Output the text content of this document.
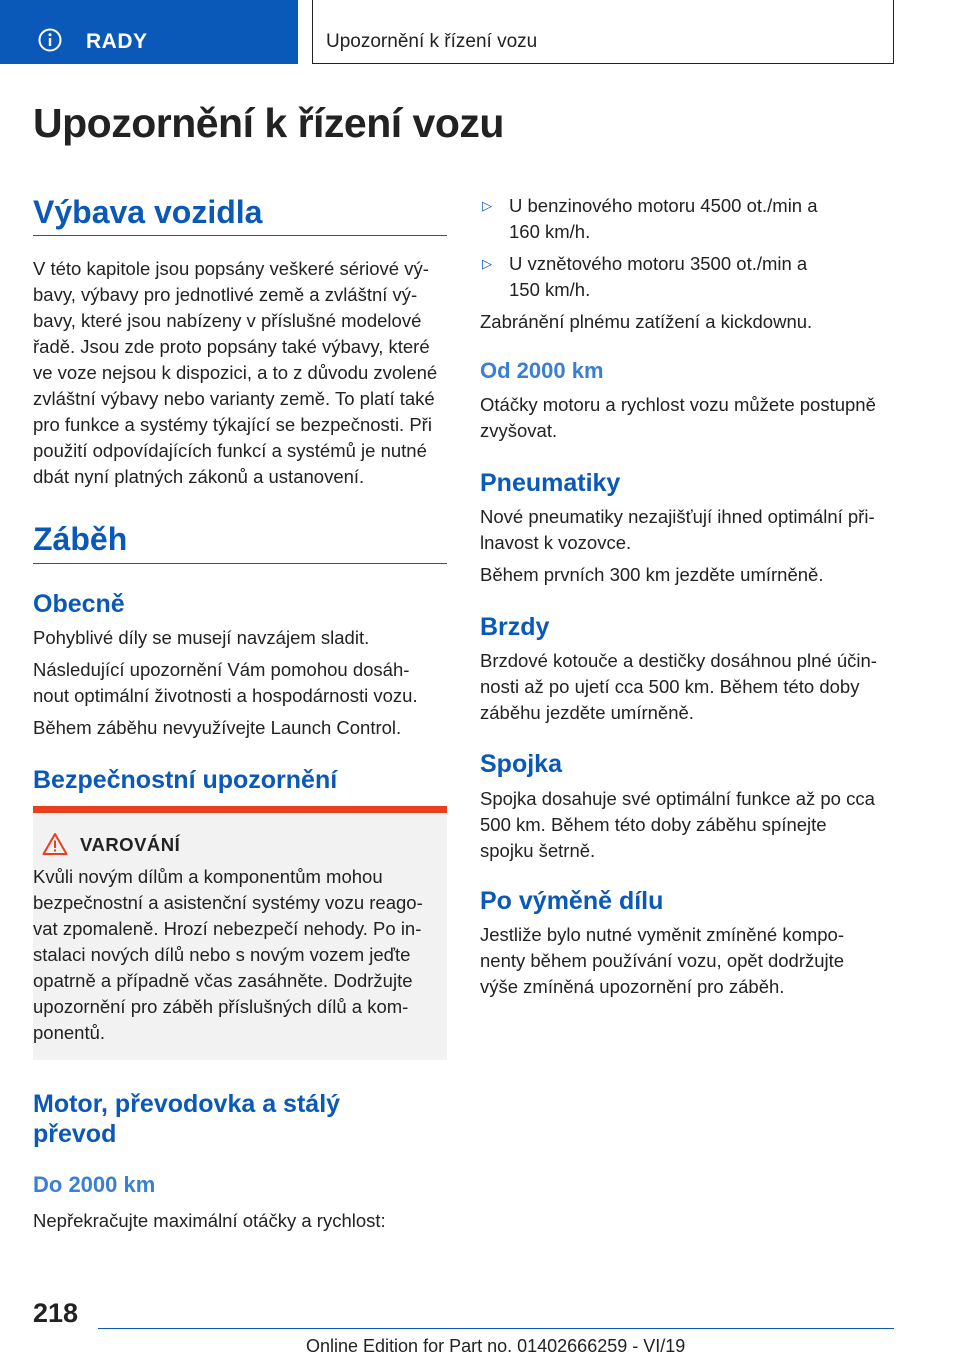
RADY	Upozornění k řízení vozu
Upozornění k řízení vozu
Výbava vozidla

V této kapitole jsou popsány veškeré sériové vý‐

bavy, výbavy pro jednotlivé země a zvláštní vý‐

bavy, které jsou nabízeny v příslušné modelové

řadě. Jsou zde proto popsány také výbavy, které

ve voze nejsou k dispozici, a to z důvodu zvolené

zvláštní výbavy nebo varianty země. To platí také

pro funkce a systémy týkající se bezpečnosti. Při

použití odpovídajících funkcí a systémů je nutné

dbát nyní platných zákonů a ustanovení.

Záběh
Obecně

Pohyblivé díly se musejí navzájem sladit.

Následující upozornění Vám pomohou dosáh‐

nout optimální životnosti a hospodárnosti vozu.

Během záběhu nevyužívejte Launch Control.

Bezpečnostní upozornění
VAROVÁNÍ

Kvůli novým dílům a komponentům mohou

bezpečnostní a asistenční systémy vozu reago‐

vat zpomaleně. Hrozí nebezpečí nehody. Po in‐

stalaci nových dílů nebo s novým vozem jeďte

opatrně a případně včas zasáhněte. Dodržujte

upozornění pro záběh příslušných dílů a kom‐

ponentů.

Motor, převodovka a stálý
převod
Do 2000 km

Nepřekračujte maximální otáčky a rychlost:

▷ U benzinového motoru 4500 ot./min a

160 km/h.

▷ U vznětového motoru 3500 ot./min a

150 km/h.

Zabránění plnému zatížení a kickdownu.

Od 2000 km

Otáčky motoru a rychlost vozu můžete postupně

zvyšovat.

Pneumatiky

Nové pneumatiky nezajišťují ihned optimální při‐

lnavost k vozovce.

Během prvních 300 km jezděte umírněně.

Brzdy

Brzdové kotouče a destičky dosáhnou plné účin‐

nosti až po ujetí cca 500 km. Během této doby

záběhu jezděte umírněně.

Spojka

Spojka dosahuje své optimální funkce až po cca

500 km. Během této doby záběhu spínejte

spojku šetrně.

Po výměně dílu

Jestliže bylo nutné vyměnit zmíněné kompo‐

nenty během používání vozu, opět dodržujte

výše zmíněná upozornění pro záběh.

218
Online Edition for Part no. 01402666259 - VI/19
